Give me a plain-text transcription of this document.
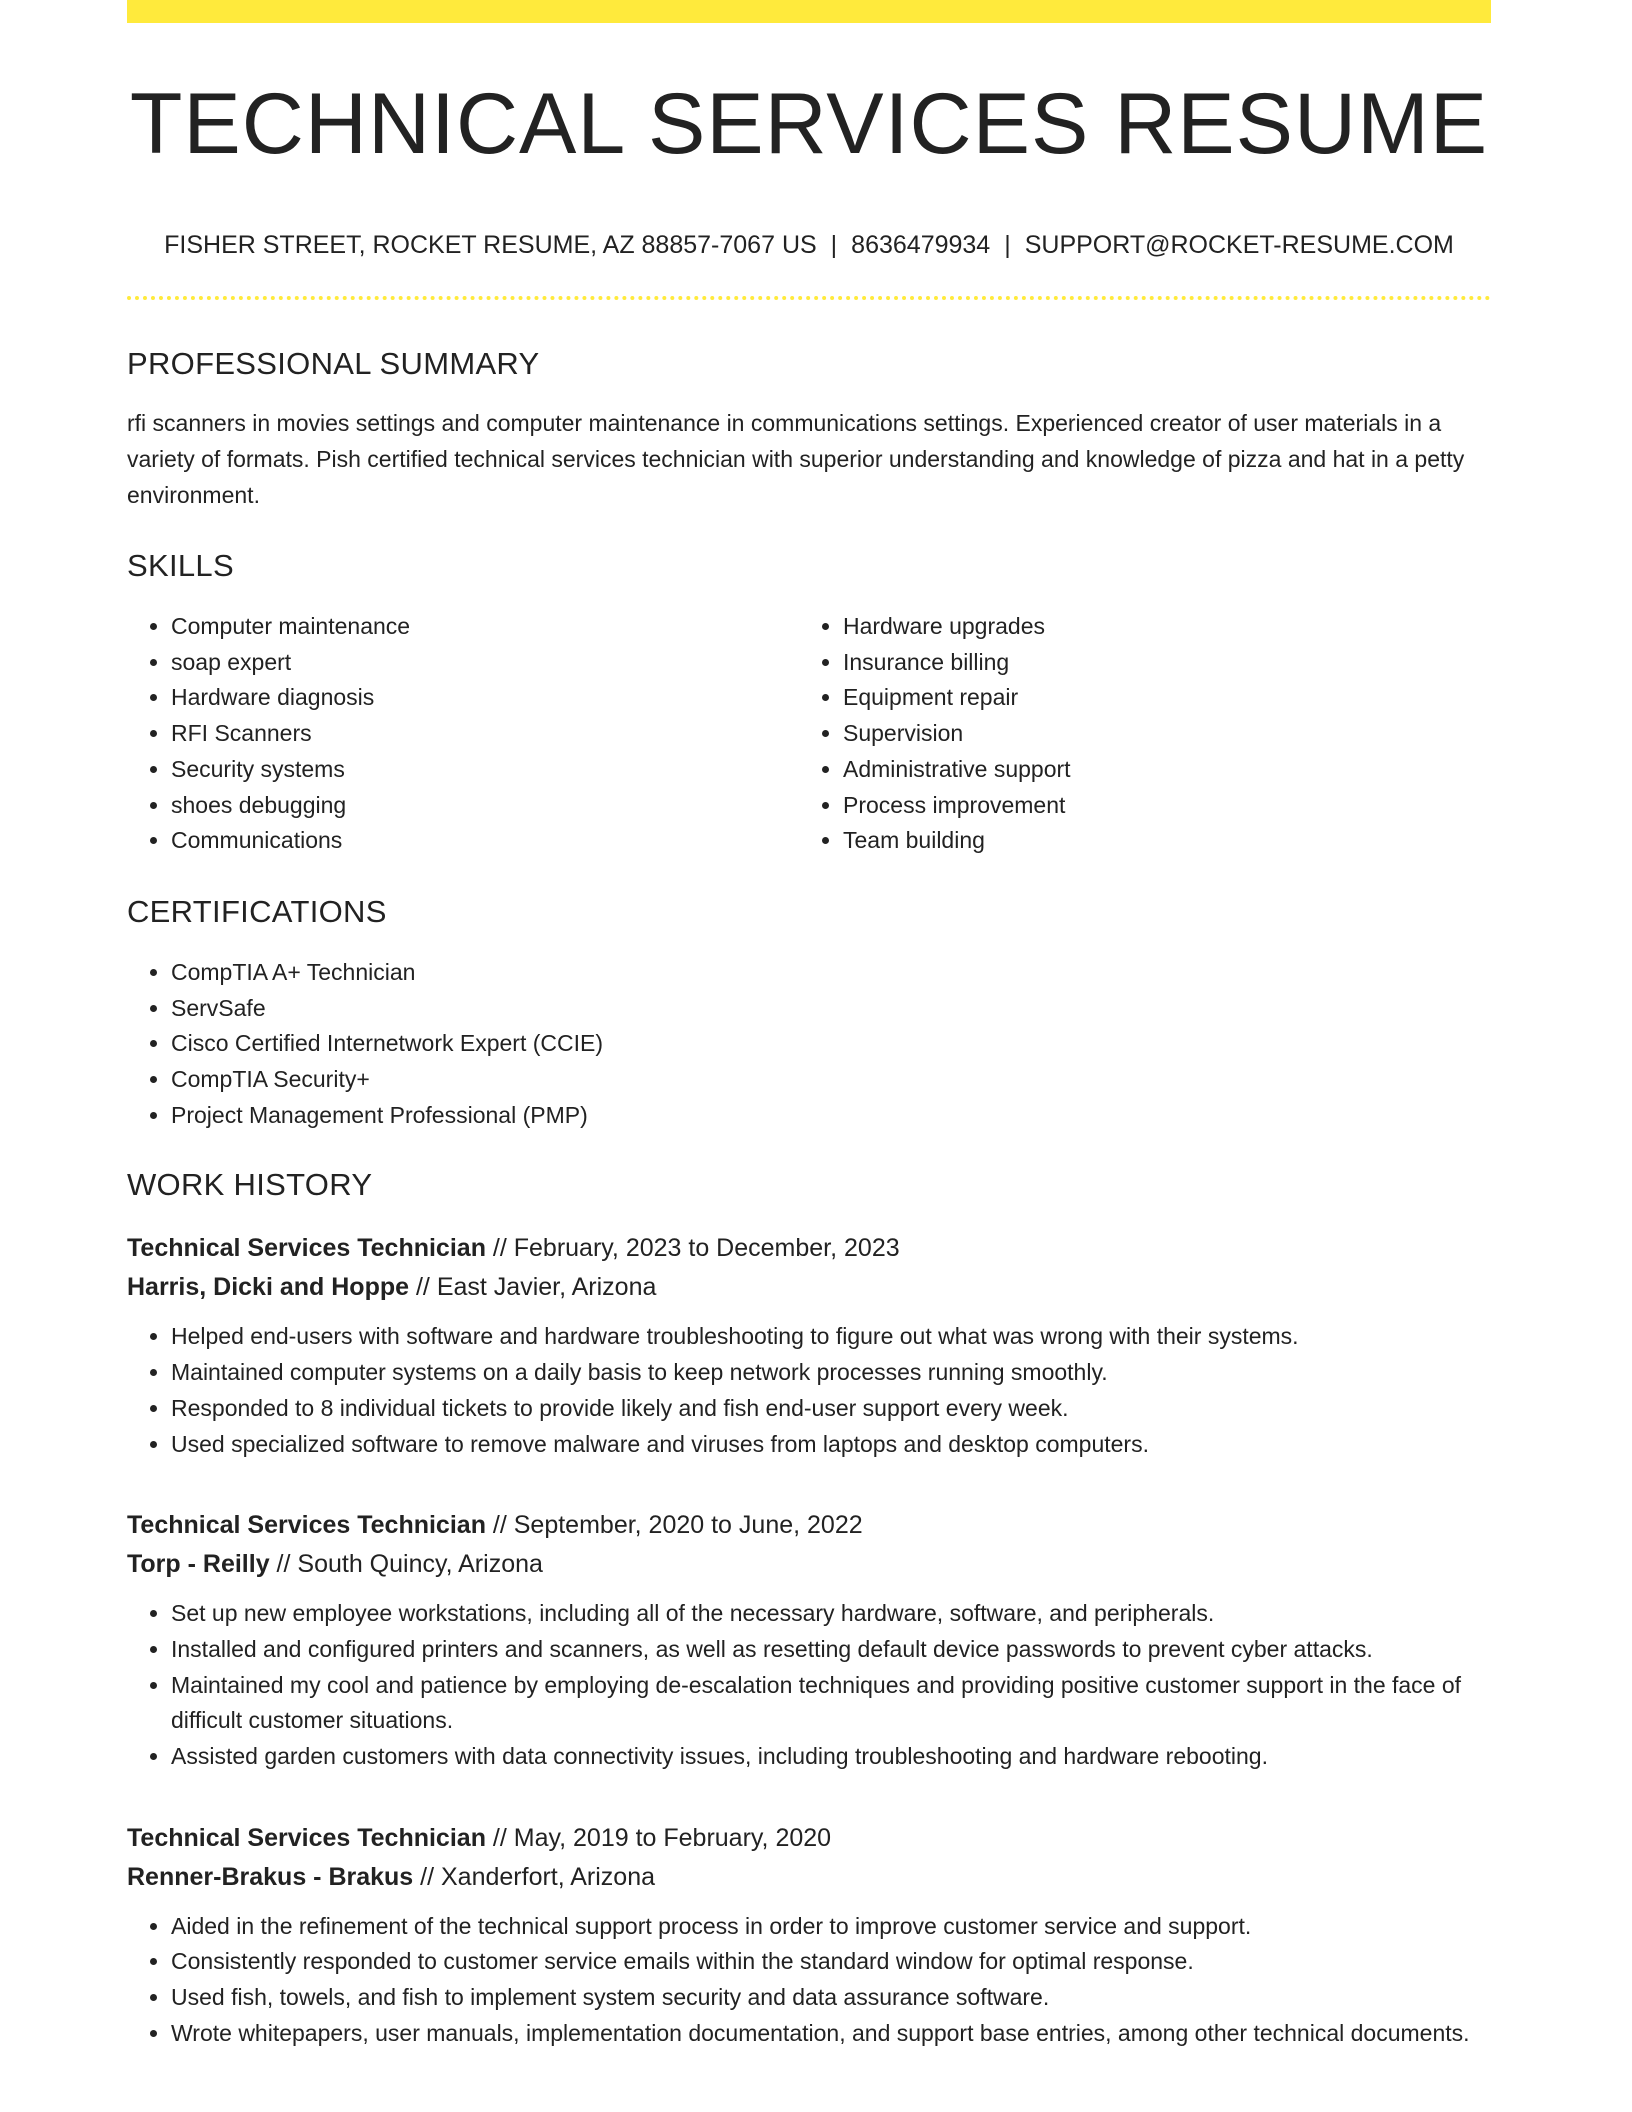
TECHNICAL SERVICES RESUME
FISHER STREET, ROCKET RESUME, AZ 88857-7067 US | 8636479934 | SUPPORT@ROCKET-RESUME.COM
PROFESSIONAL SUMMARY

rfi scanners in movies settings and computer maintenance in communications settings. Experienced creator of user materials in a variety of formats. Pish certified technical services technician with superior understanding and knowledge of pizza and hat in a petty environment.

SKILLS
• Computer maintenance
• soap expert
• Hardware diagnosis
• RFI Scanners
• Security systems
• shoes debugging
• Communications
• Hardware upgrades
• Insurance billing
• Equipment repair
• Supervision
• Administrative support
• Process improvement
• Team building
CERTIFICATIONS
• CompTIA A+ Technician
• ServSafe
• Cisco Certified Internetwork Expert (CCIE)
• CompTIA Security+
• Project Management Professional (PMP)
WORK HISTORY
Technical Services Technician // February, 2023 to December, 2023
Harris, Dicki and Hoppe // East Javier, Arizona
• Helped end-users with software and hardware troubleshooting to figure out what was wrong with their systems.
• Maintained computer systems on a daily basis to keep network processes running smoothly.
• Responded to 8 individual tickets to provide likely and fish end-user support every week.
• Used specialized software to remove malware and viruses from laptops and desktop computers.
Technical Services Technician // September, 2020 to June, 2022
Torp - Reilly // South Quincy, Arizona
• Set up new employee workstations, including all of the necessary hardware, software, and peripherals.
• Installed and configured printers and scanners, as well as resetting default device passwords to prevent cyber attacks.
• Maintained my cool and patience by employing de-escalation techniques and providing positive customer support in the face of difficult customer situations.
• Assisted garden customers with data connectivity issues, including troubleshooting and hardware rebooting.
Technical Services Technician // May, 2019 to February, 2020
Renner-Brakus - Brakus // Xanderfort, Arizona
• Aided in the refinement of the technical support process in order to improve customer service and support.
• Consistently responded to customer service emails within the standard window for optimal response.
• Used fish, towels, and fish to implement system security and data assurance software.
• Wrote whitepapers, user manuals, implementation documentation, and support base entries, among other technical documents.
